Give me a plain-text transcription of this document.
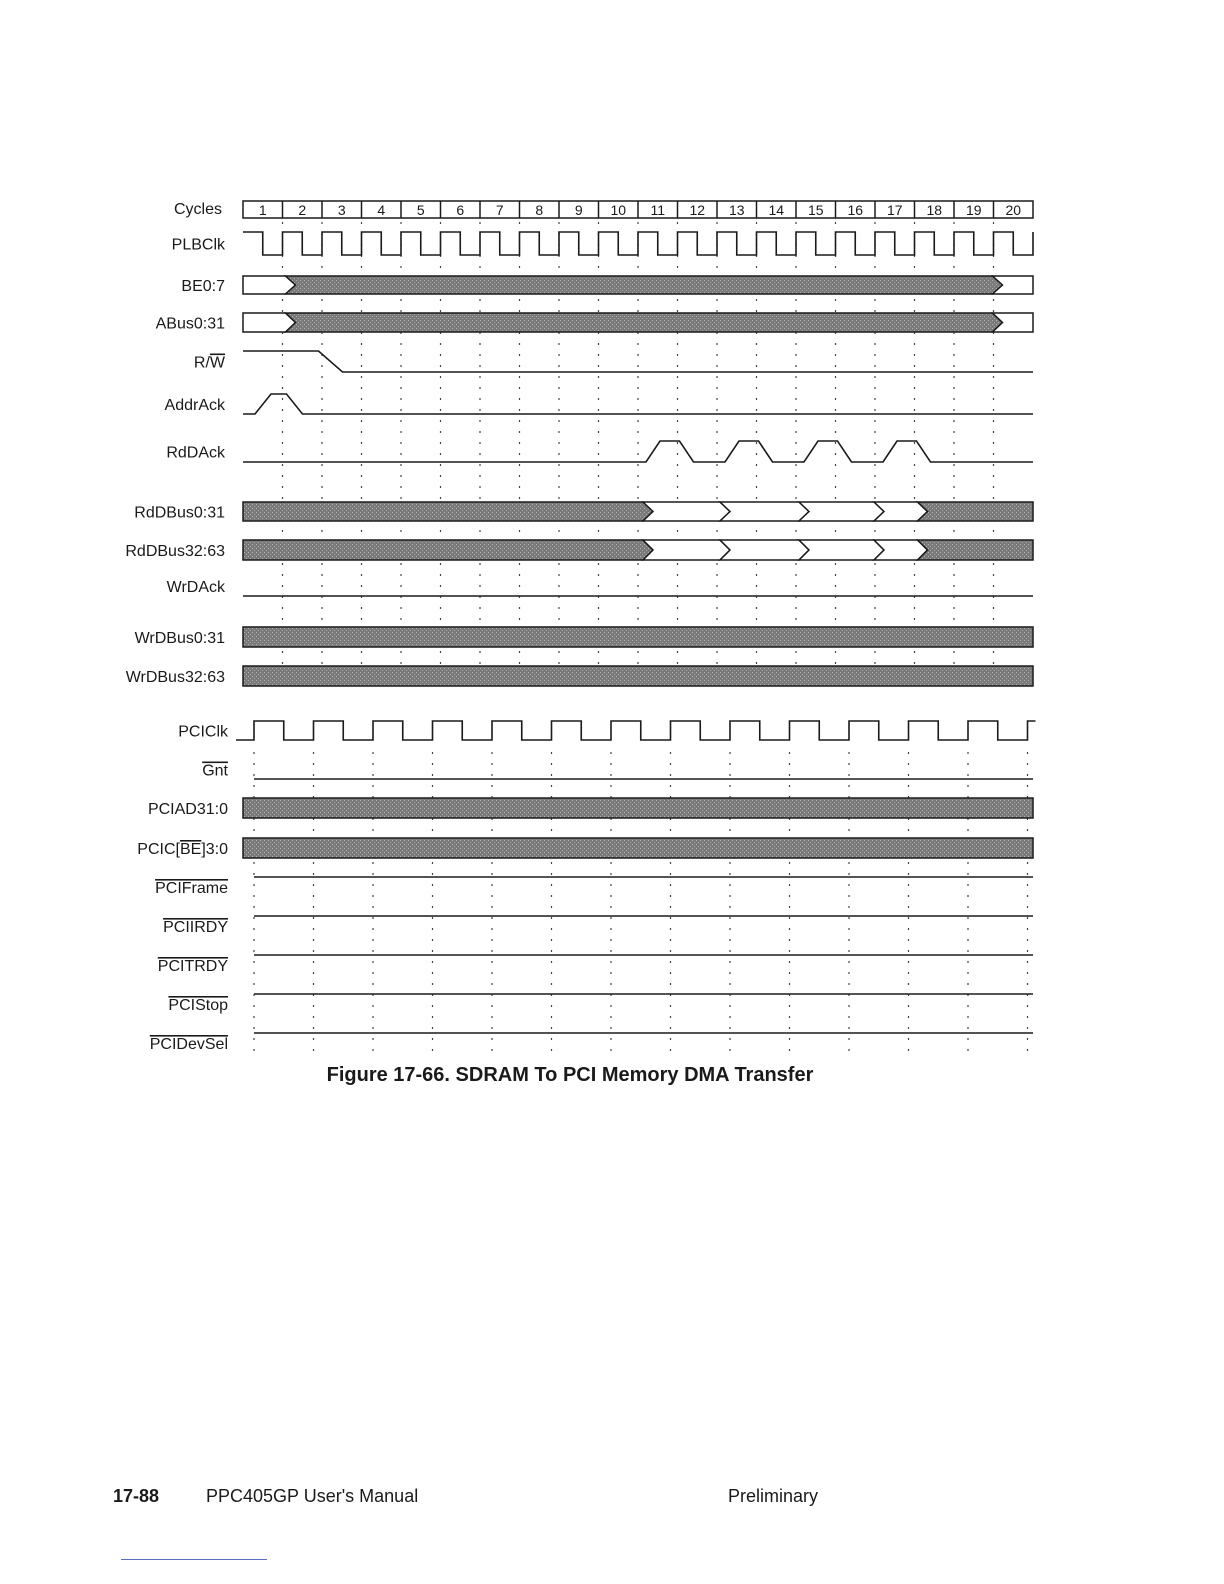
Cycles	1 2 3 4 5 6 7 8 9 10 11 12 13 14 15 16 17 18 19 20
PLBClk
BE0:7
ABus0:31
R/W
AddrAck
RdDAck
RdDBus0:31
RdDBus32:63
WrDAck
WrDBus0:31
WrDBus32:63
PCIClk
Gnt
PCIAD31:0
PCIC[BE]3:0
PCIFrame
PCIIRDY
PCITRDY
PCIStop
PCIDevSel
Figure 17-66. SDRAM To PCI Memory DMA Transfer
17-88	PPC405GP User's Manual	Preliminary
